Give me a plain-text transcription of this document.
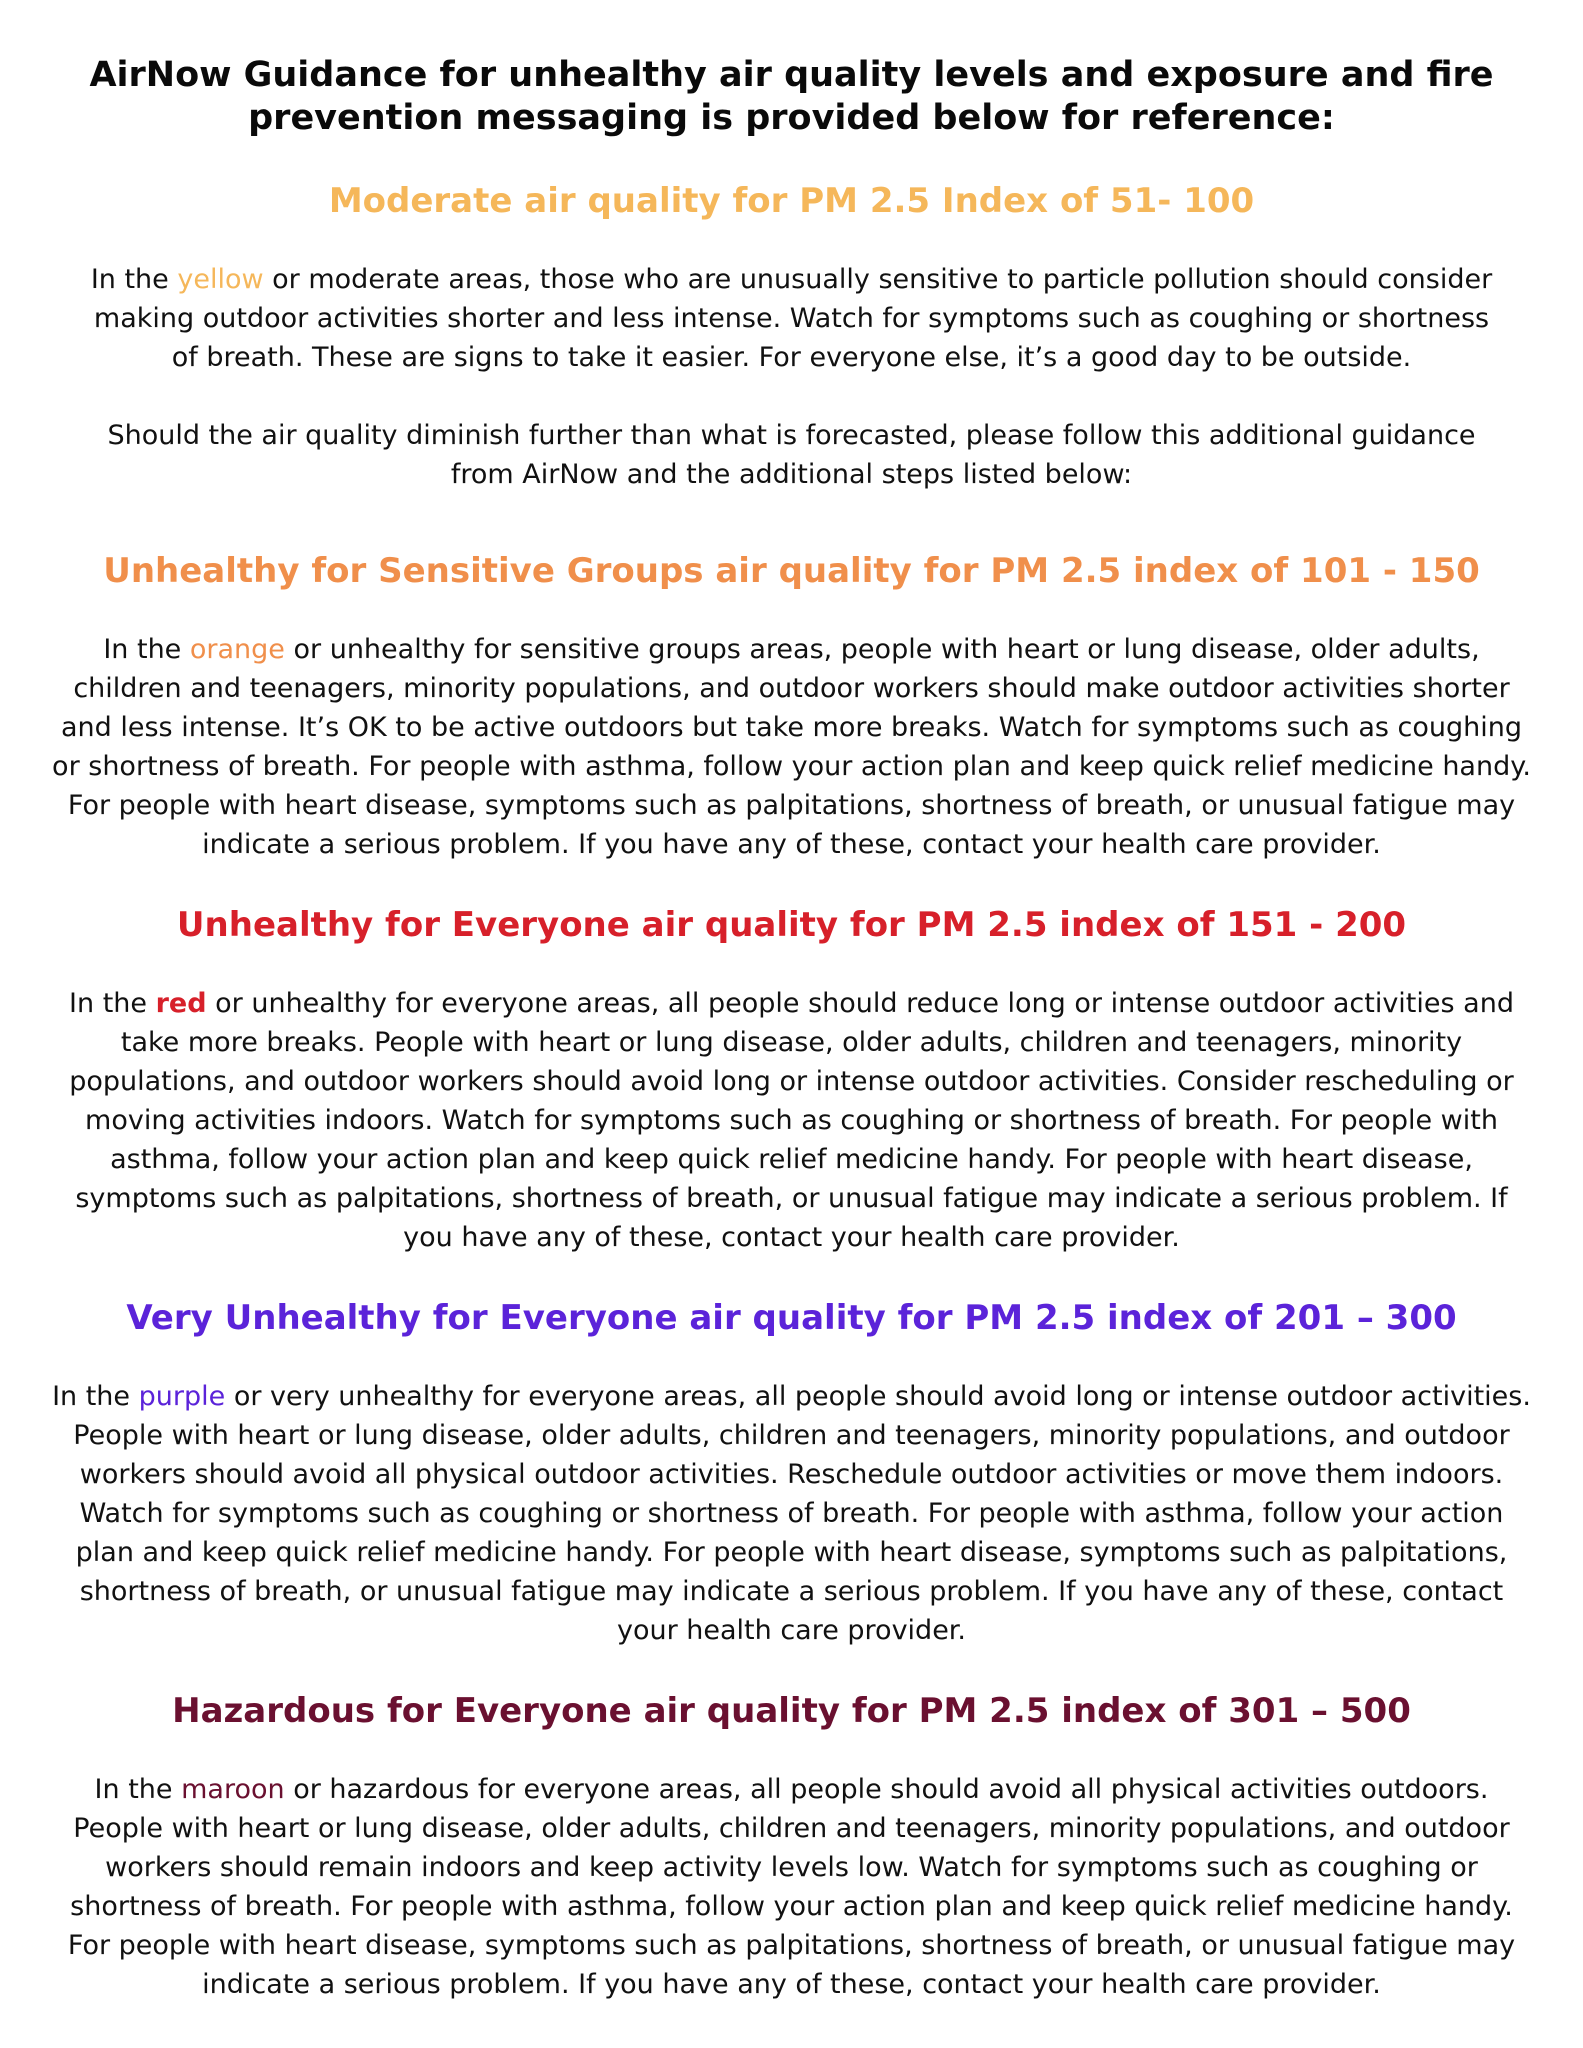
AirNow Guidance for unhealthy air quality levels and exposure and fire prevention messaging is provided below for reference:
Moderate air quality for PM 2.5 Index of 51- 100

In the yellow or moderate areas, those who are unusually sensitive to particle pollution should consider making outdoor activities shorter and less intense. Watch for symptoms such as coughing or shortness of breath. These are signs to take it easier. For everyone else, it’s a good day to be outside.

Should the air quality diminish further than what is forecasted, please follow this additional guidance from AirNow and the additional steps listed below:

Unhealthy for Sensitive Groups air quality for PM 2.5 index of 101 - 150

In the orange or unhealthy for sensitive groups areas, people with heart or lung disease, older adults, children and teenagers, minority populations, and outdoor workers should make outdoor activities shorter and less intense. It’s OK to be active outdoors but take more breaks. Watch for symptoms such as coughing or shortness of breath. For people with asthma, follow your action plan and keep quick relief medicine handy. For people with heart disease, symptoms such as palpitations, shortness of breath, or unusual fatigue may indicate a serious problem. If you have any of these, contact your health care provider.

Unhealthy for Everyone air quality for PM 2.5 index of 151 - 200

In the red or unhealthy for everyone areas, all people should reduce long or intense outdoor activities and take more breaks. People with heart or lung disease, older adults, children and teenagers, minority populations, and outdoor workers should avoid long or intense outdoor activities. Consider rescheduling or moving activities indoors. Watch for symptoms such as coughing or shortness of breath. For people with asthma, follow your action plan and keep quick relief medicine handy. For people with heart disease, symptoms such as palpitations, shortness of breath, or unusual fatigue may indicate a serious problem. If you have any of these, contact your health care provider.

Very Unhealthy for Everyone air quality for PM 2.5 index of 201 – 300

In the purple or very unhealthy for everyone areas, all people should avoid long or intense outdoor activities. People with heart or lung disease, older adults, children and teenagers, minority populations, and outdoor workers should avoid all physical outdoor activities. Reschedule outdoor activities or move them indoors. Watch for symptoms such as coughing or shortness of breath. For people with asthma, follow your action plan and keep quick relief medicine handy. For people with heart disease, symptoms such as palpitations, shortness of breath, or unusual fatigue may indicate a serious problem. If you have any of these, contact your health care provider.

Hazardous for Everyone air quality for PM 2.5 index of 301 – 500

In the maroon or hazardous for everyone areas, all people should avoid all physical activities outdoors. People with heart or lung disease, older adults, children and teenagers, minority populations, and outdoor workers should remain indoors and keep activity levels low. Watch for symptoms such as coughing or shortness of breath. For people with asthma, follow your action plan and keep quick relief medicine handy. For people with heart disease, symptoms such as palpitations, shortness of breath, or unusual fatigue may indicate a serious problem. If you have any of these, contact your health care provider.
